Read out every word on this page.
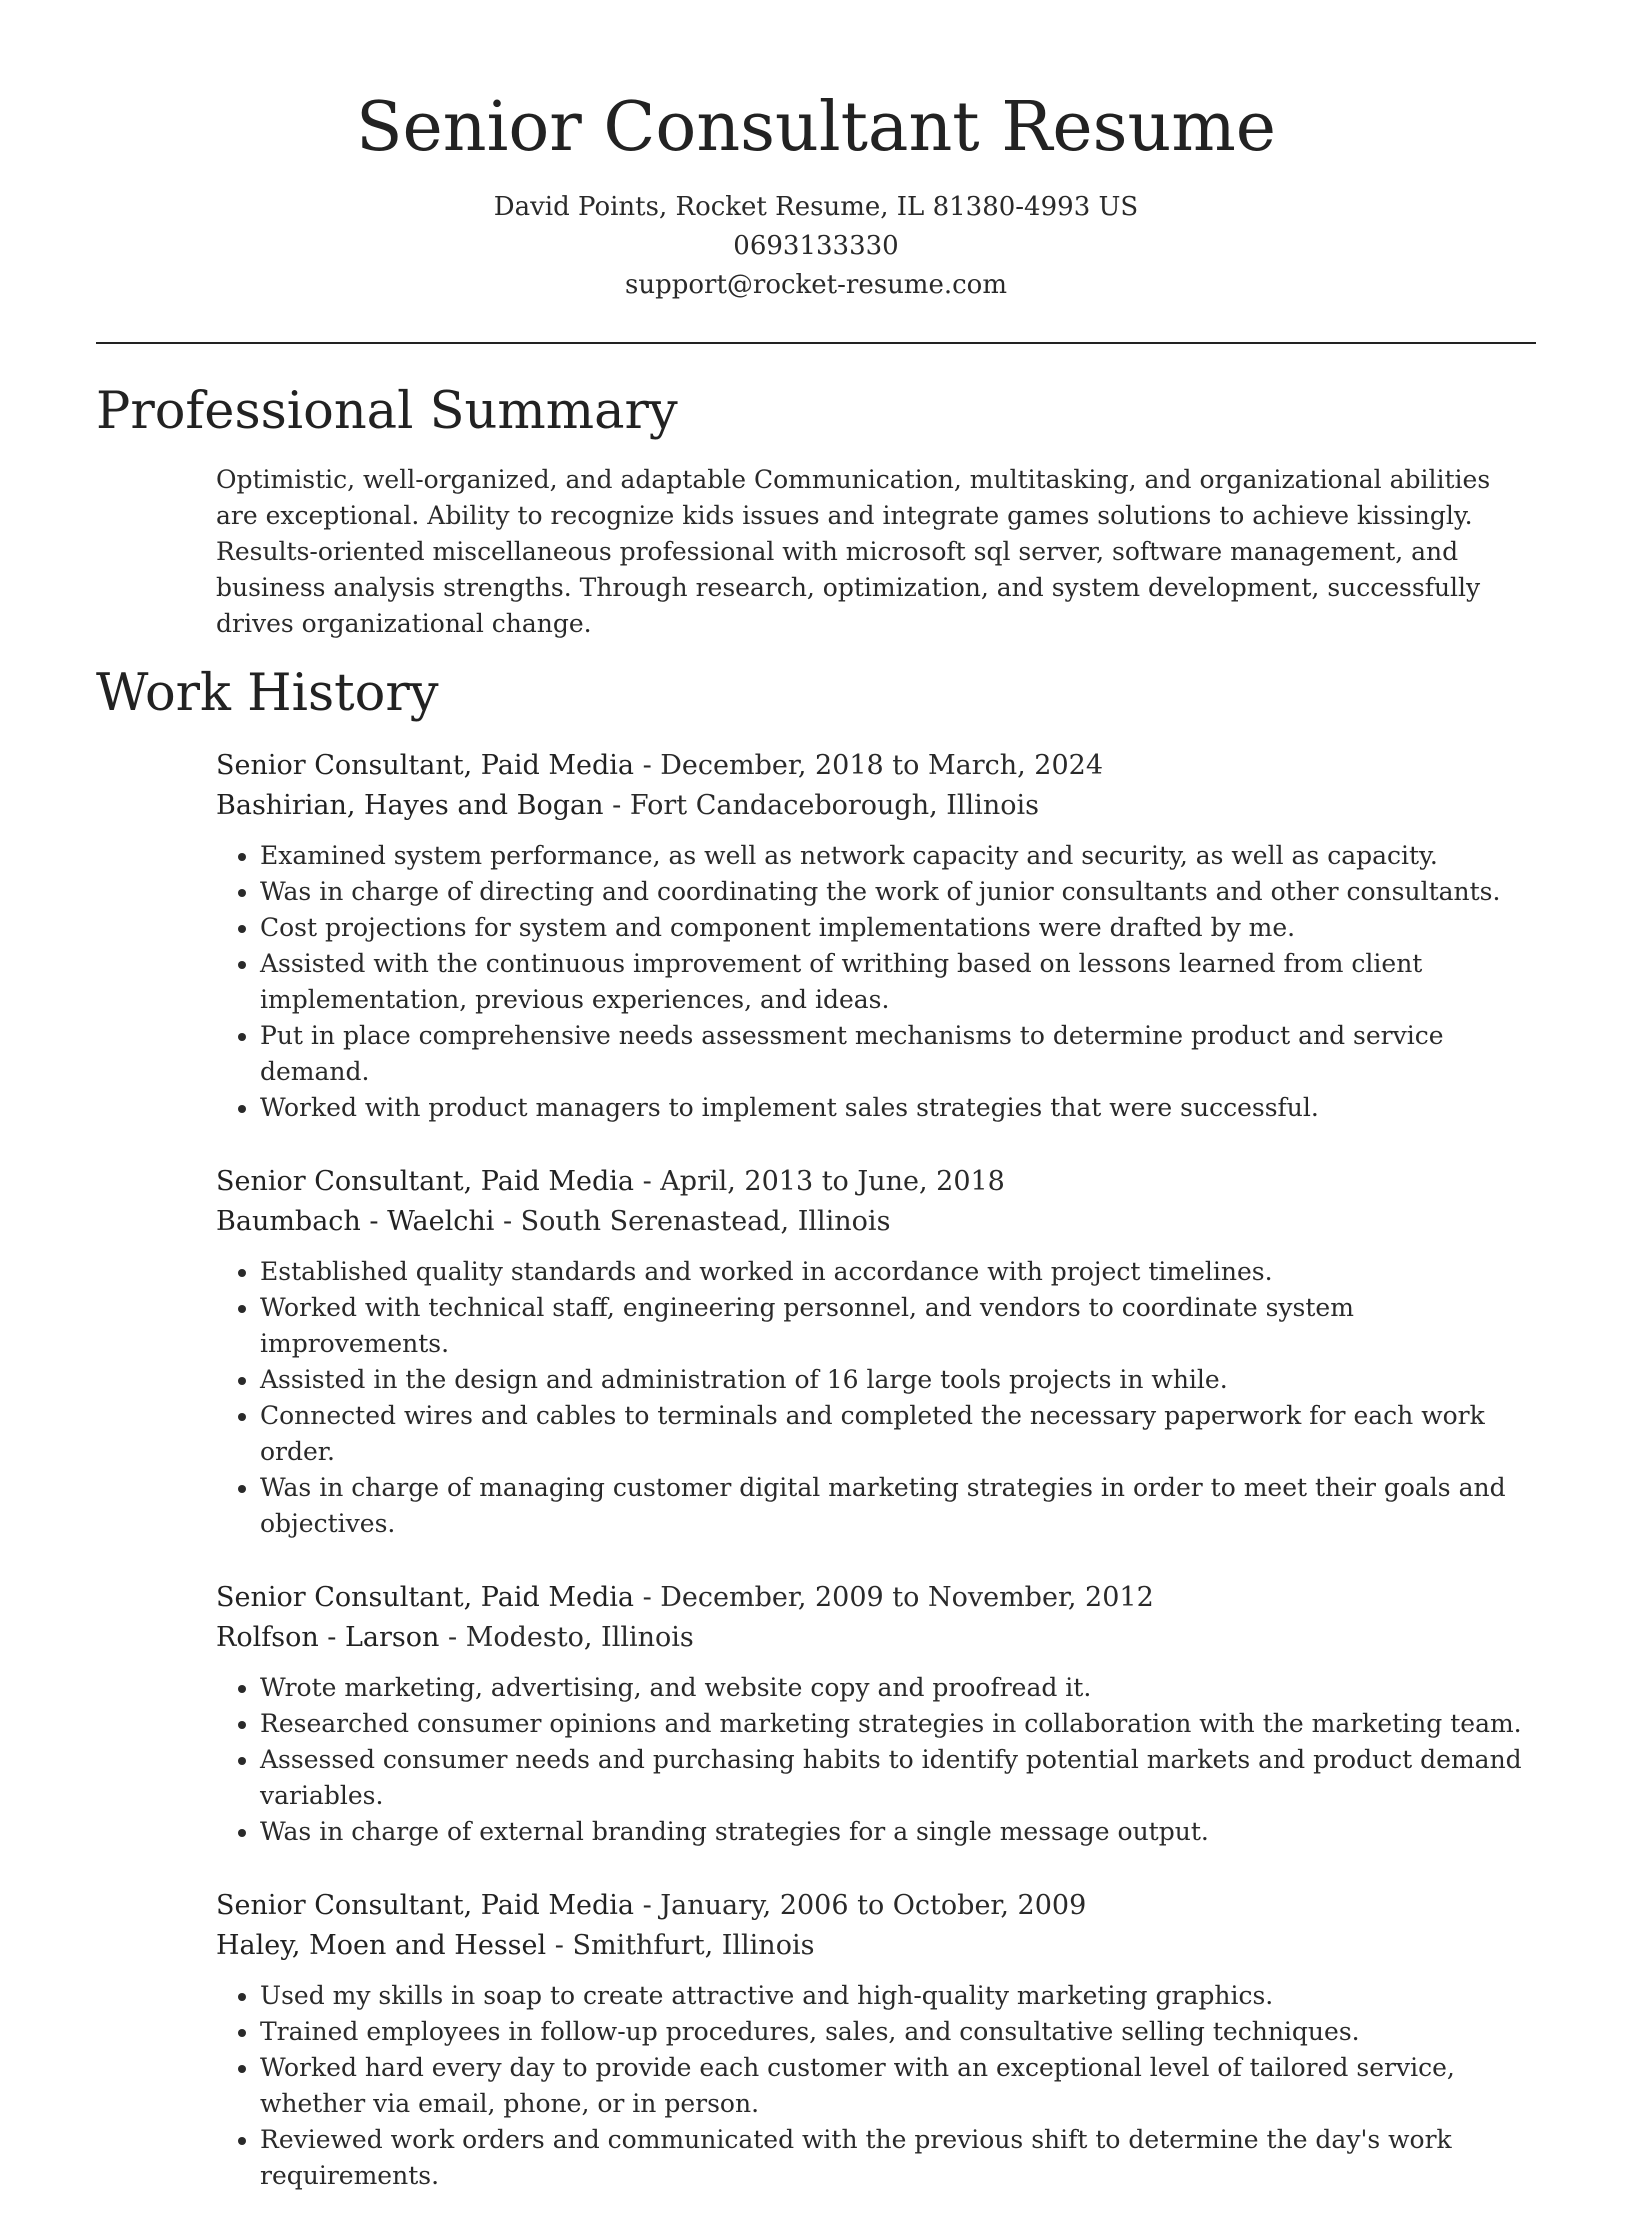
Senior Consultant Resume
David Points, Rocket Resume, IL 81380-4993 US
0693133330
support@rocket-resume.com
Professional Summary

Optimistic, well-organized, and adaptable Communication, multitasking, and organizational abilities are exceptional. Ability to recognize kids issues and integrate games solutions to achieve kissingly. Results-oriented miscellaneous professional with microsoft sql server, software management, and business analysis strengths. Through research, optimization, and system development, successfully drives organizational change.

Work History
Senior Consultant, Paid Media - December, 2018 to March, 2024
Bashirian, Hayes and Bogan - Fort Candaceborough, Illinois
• Examined system performance, as well as network capacity and security, as well as capacity.
• Was in charge of directing and coordinating the work of junior consultants and other consultants.
• Cost projections for system and component implementations were drafted by me.
• Assisted with the continuous improvement of writhing based on lessons learned from client implementation, previous experiences, and ideas.
• Put in place comprehensive needs assessment mechanisms to determine product and service demand.
• Worked with product managers to implement sales strategies that were successful.
Senior Consultant, Paid Media - April, 2013 to June, 2018
Baumbach - Waelchi - South Serenastead, Illinois
• Established quality standards and worked in accordance with project timelines.
• Worked with technical staff, engineering personnel, and vendors to coordinate system improvements.
• Assisted in the design and administration of 16 large tools projects in while.
• Connected wires and cables to terminals and completed the necessary paperwork for each work order.
• Was in charge of managing customer digital marketing strategies in order to meet their goals and objectives.
Senior Consultant, Paid Media - December, 2009 to November, 2012
Rolfson - Larson - Modesto, Illinois
• Wrote marketing, advertising, and website copy and proofread it.
• Researched consumer opinions and marketing strategies in collaboration with the marketing team.
• Assessed consumer needs and purchasing habits to identify potential markets and product demand variables.
• Was in charge of external branding strategies for a single message output.
Senior Consultant, Paid Media - January, 2006 to October, 2009
Haley, Moen and Hessel - Smithfurt, Illinois
• Used my skills in soap to create attractive and high-quality marketing graphics.
• Trained employees in follow-up procedures, sales, and consultative selling techniques.
• Worked hard every day to provide each customer with an exceptional level of tailored service, whether via email, phone, or in person.
• Reviewed work orders and communicated with the previous shift to determine the day's work requirements.
